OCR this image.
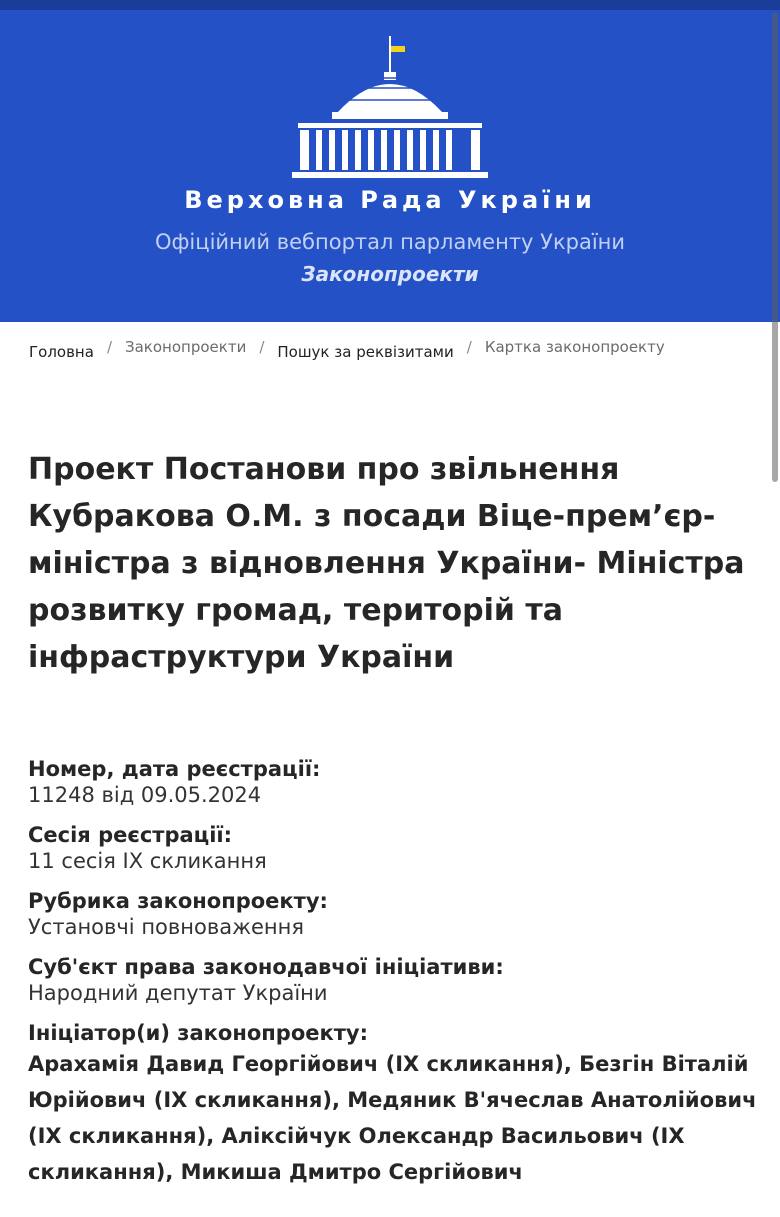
Верховна Рада України
Офіційний вебпортал парламенту України
Законопроекти
Головна / Законопроекти / Пошук за реквізитами / Картка законопроекту
Проект Постанови про звільнення Кубракова О.М. з посади Віце-прем’єр-міністра з відновлення України- Міністра розвитку громад, територій та інфраструктури України
Номер, дата реєстрації:
11248 від 09.05.2024
Сесія реєстрації:
11 сесія IX скликання
Рубрика законопроекту:
Установчі повноваження
Суб'єкт права законодавчої ініціативи:
Народний депутат України
Ініціатор(и) законопроекту:
Арахамія Давид Георгійович (IX скликання), Безгін Віталій Юрійович (IX скликання), Медяник В'ячеслав Анатолійович (IX скликання), Аліксійчук Олександр Васильович (IX скликання), Микиша Дмитро Сергійович
